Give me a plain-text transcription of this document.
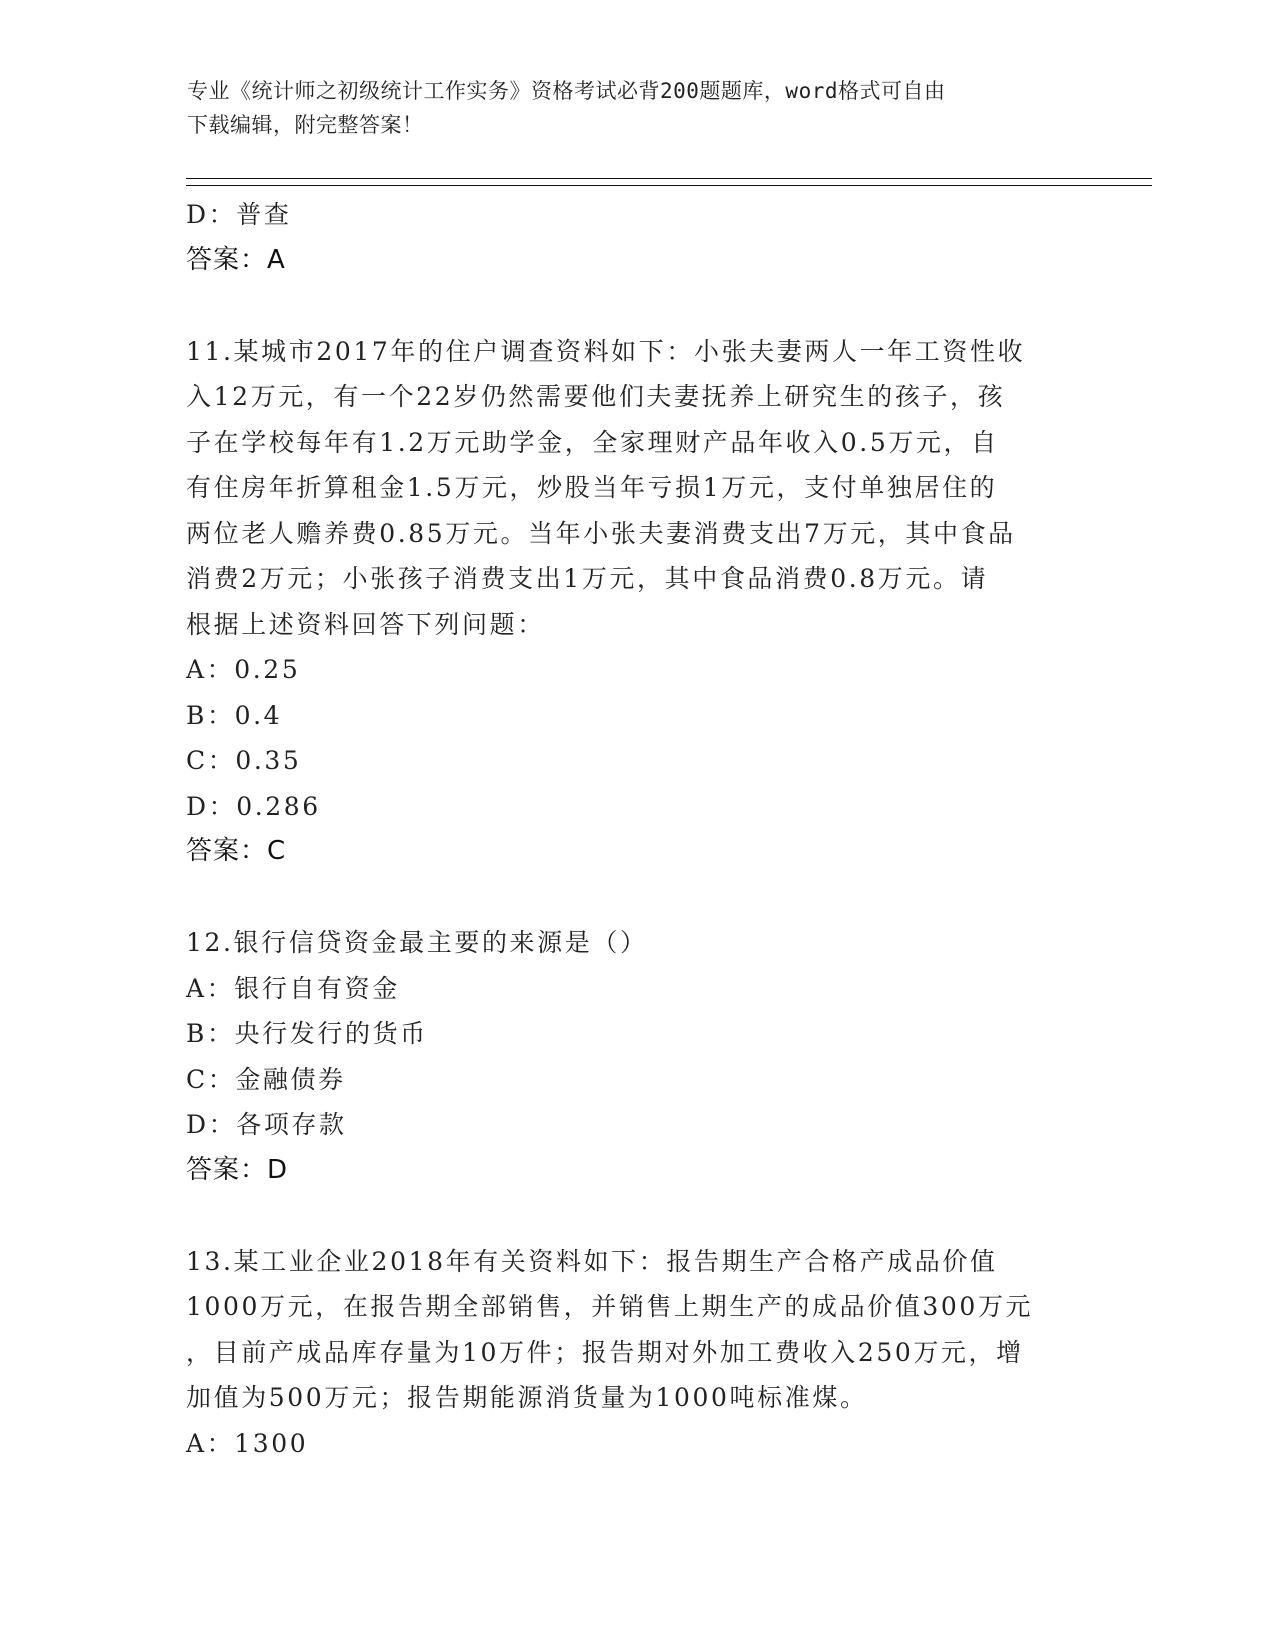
专业《统计师之初级统计工作实务》资格考试必背200题题库，word格式可自由
下载编辑，附完整答案！
D：普查
答案：A
11.某城市2017年的住户调查资料如下：小张夫妻两人一年工资性收
入12万元，有一个22岁仍然需要他们夫妻抚养上研究生的孩子，孩
子在学校每年有1.2万元助学金，全家理财产品年收入0.5万元，自
有住房年折算租金1.5万元，炒股当年亏损1万元，支付单独居住的
两位老人赡养费0.85万元。当年小张夫妻消费支出7万元，其中食品
消费2万元；小张孩子消费支出1万元，其中食品消费0.8万元。请
根据上述资料回答下列问题：
A：0.25
B：0.4
C：0.35
D：0.286
答案：C
12.银行信贷资金最主要的来源是（）
A：银行自有资金
B：央行发行的货币
C：金融债券
D：各项存款
答案：D
13.某工业企业2018年有关资料如下：报告期生产合格产成品价值
1000万元，在报告期全部销售，并销售上期生产的成品价值300万元
，目前产成品库存量为10万件；报告期对外加工费收入250万元，增
加值为500万元；报告期能源消货量为1000吨标准煤。
A：1300
